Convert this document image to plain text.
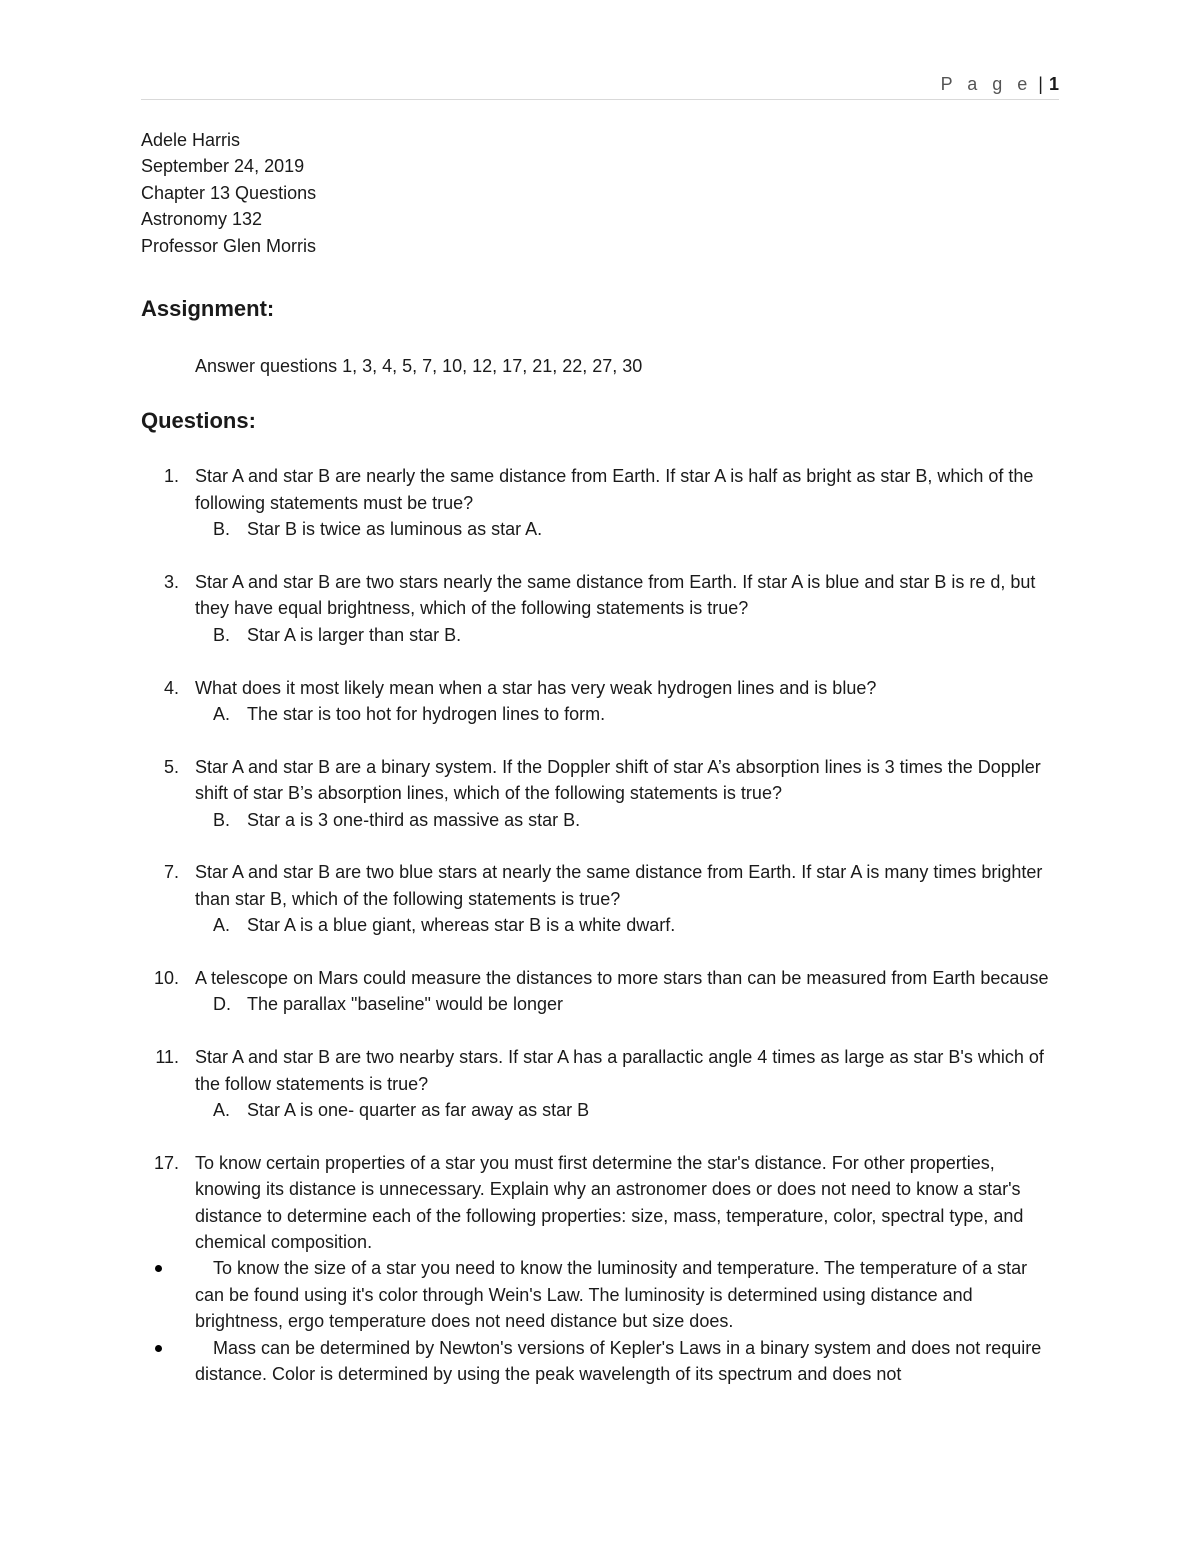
P a g e | 1

Adele Harris

September 24, 2019

Chapter 13 Questions

Astronomy 132

Professor Glen Morris

Assignment:

Answer questions 1, 3, 4, 5, 7, 10, 12, 17, 21, 22, 27, 30

Questions:
1. Star A and star B are nearly the same distance from Earth. If star A is half as bright as star B, which of the following statements must be true?
B. Star B is twice as luminous as star A.
3. Star A and star B are two stars nearly the same distance from Earth. If star A is blue and star B is re d, but they have equal brightness, which of the following statements is true?
B. Star A is larger than star B.
4. What does it most likely mean when a star has very weak hydrogen lines and is blue?
A. The star is too hot for hydrogen lines to form.
5. Star A and star B are a binary system. If the Doppler shift of star A’s absorption lines is 3 times the Doppler shift of star B’s absorption lines, which of the following statements is true?
B. Star a is 3 one-third as massive as star B.
7. Star A and star B are two blue stars at nearly the same distance from Earth. If star A is many times brighter than star B, which of the following statements is true?
A. Star A is a blue giant, whereas star B is a white dwarf.
10. A telescope on Mars could measure the distances to more stars than can be measured from Earth because
D. The parallax "baseline" would be longer
11. Star A and star B are two nearby stars. If star A has a parallactic angle 4 times as large as star B's which of the follow statements is true?
A. Star A is one- quarter as far away as star B
17. To know certain properties of a star you must first determine the star's distance. For other properties, knowing its distance is unnecessary. Explain why an astronomer does or does not need to know a star's distance to determine each of the following properties: size, mass, temperature, color, spectral type, and chemical composition.
To know the size of a star you need to know the luminosity and temperature. The temperature of a star can be found using it's color through Wein's Law. The luminosity is determined using distance and brightness, ergo temperature does not need distance but size does.
Mass can be determined by Newton's versions of Kepler's Laws in a binary system and does not require distance. Color is determined by using the peak wavelength of its spectrum and does not
